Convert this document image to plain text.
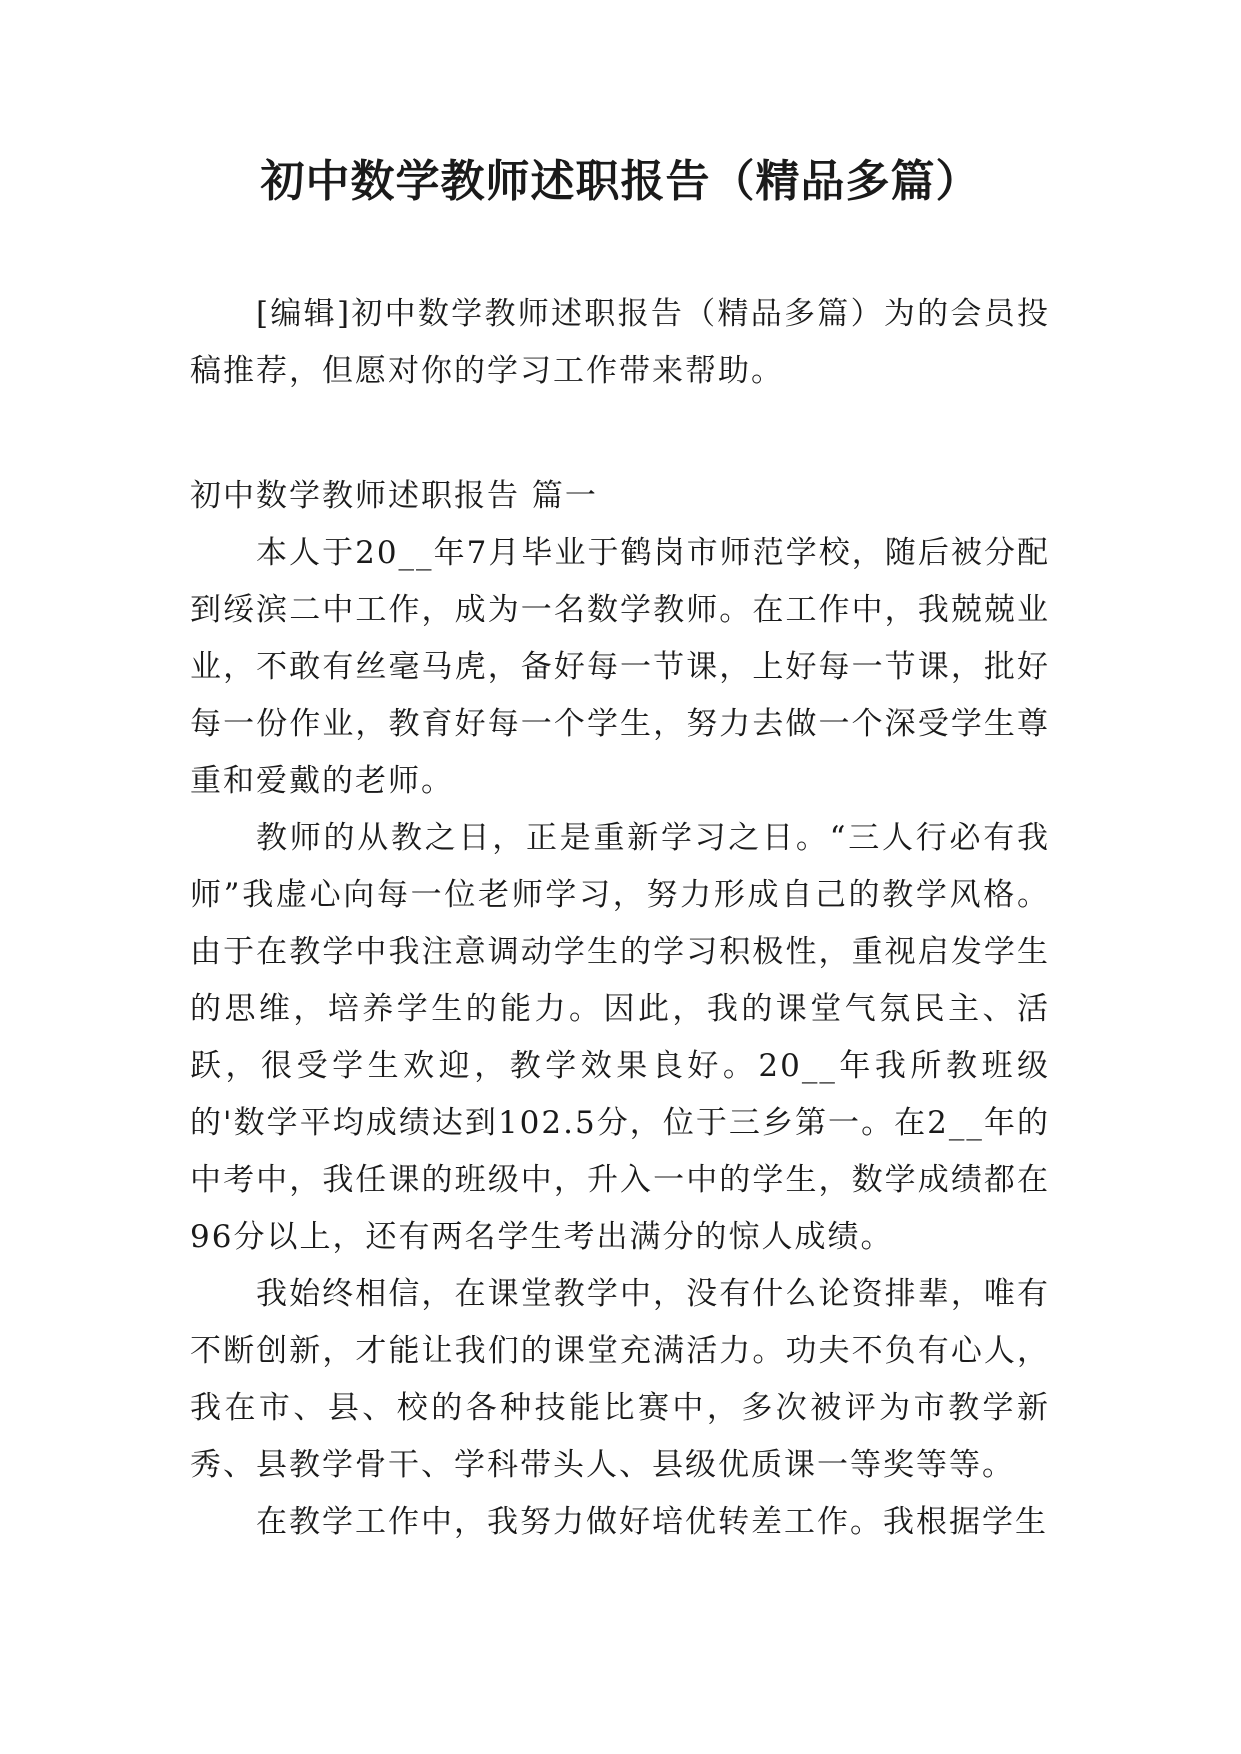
初中数学教师述职报告（精品多篇）

[编辑]初中数学教师述职报告（精品多篇）为的会员投稿推荐，但愿对你的学习工作带来帮助。

初中数学教师述职报告 篇一

本人于20__年7月毕业于鹤岗市师范学校，随后被分配到绥滨二中工作，成为一名数学教师。在工作中，我兢兢业业，不敢有丝毫马虎，备好每一节课，上好每一节课，批好每一份作业，教育好每一个学生，努力去做一个深受学生尊重和爱戴的老师。

教师的从教之日，正是重新学习之日。“三人行必有我师”我虚心向每一位老师学习，努力形成自己的教学风格。由于在教学中我注意调动学生的学习积极性，重视启发学生的思维，培养学生的能力。因此，我的课堂气氛民主、活跃，很受学生欢迎，教学效果良好。20__年我所教班级的'数学平均成绩达到102.5分，位于三乡第一。在2__年的中考中，我任课的班级中，升入一中的学生，数学成绩都在96分以上，还有两名学生考出满分的惊人成绩。

我始终相信，在课堂教学中，没有什么论资排辈，唯有不断创新，才能让我们的课堂充满活力。功夫不负有心人，我在市、县、校的各种技能比赛中，多次被评为市教学新秀、县教学骨干、学科带头人、县级优质课一等奖等等。

在教学工作中，我努力做好培优转差工作。我根据学生
